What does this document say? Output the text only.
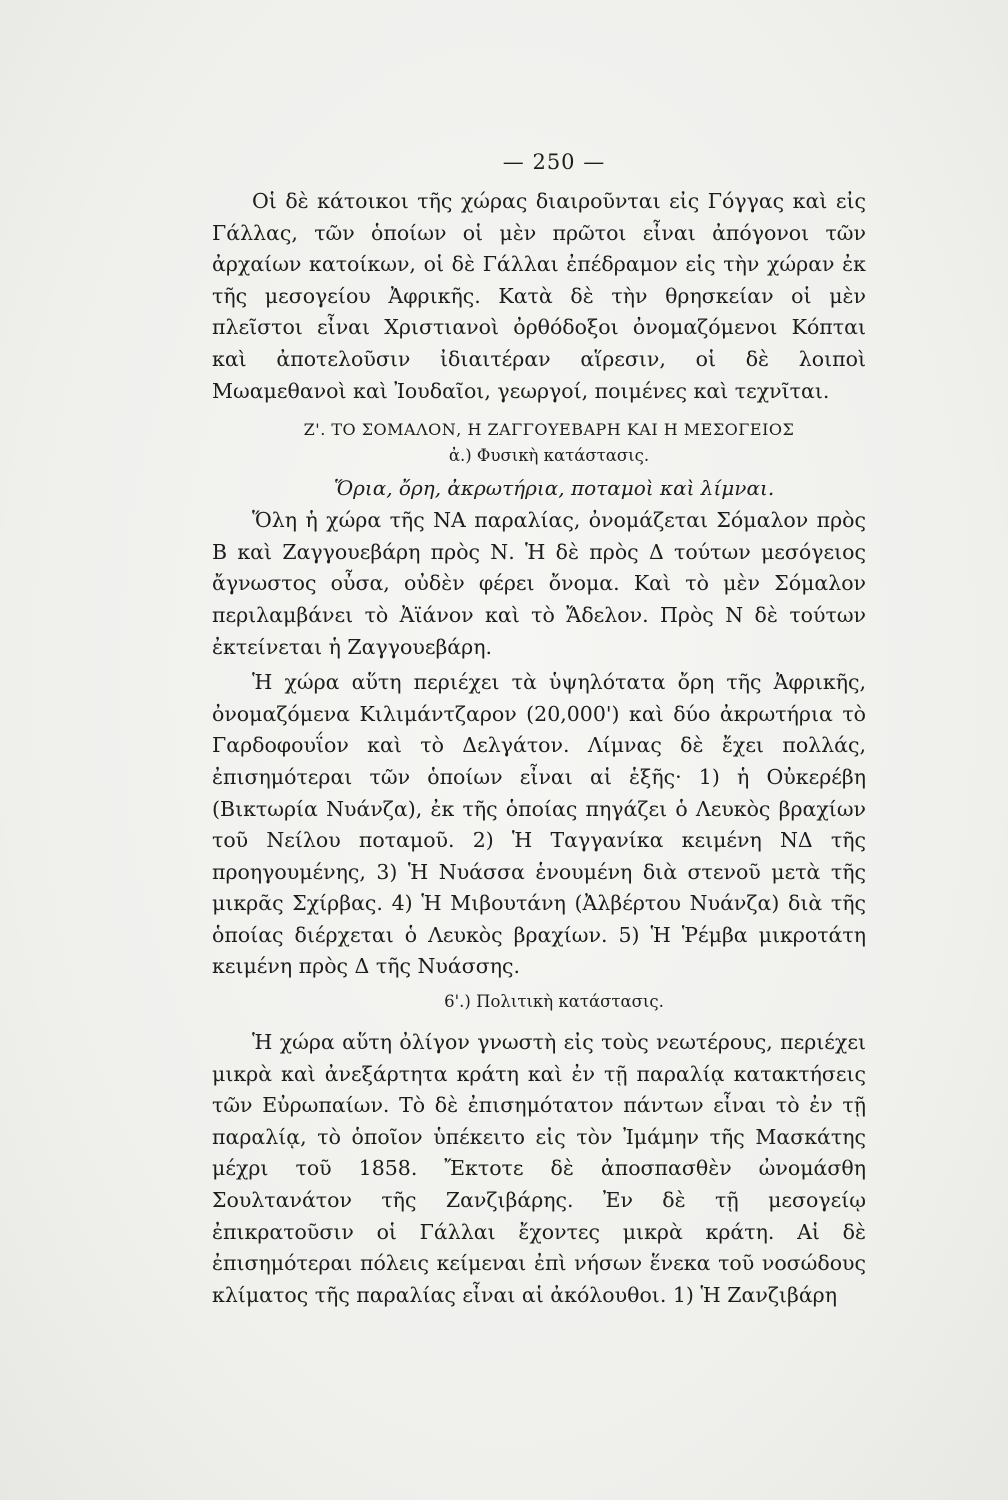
— 250 —

Οἱ δὲ κάτοικοι τῆς χώρας διαιροῦνται εἰς Γόγγας καὶ εἰς Γάλλας, τῶν ὁποίων οἱ μὲν πρῶτοι εἶναι ἀπόγονοι τῶν ἀρχαίων κατοίκων, οἱ δὲ Γάλλαι ἐπέδραμον εἰς τὴν χώραν ἐκ τῆς μεσογείου Ἀφρικῆς. Κατὰ δὲ τὴν θρησκείαν οἱ μὲν πλεῖστοι εἶναι Χριστιανοὶ ὀρθόδοξοι ὀνομαζόμενοι Κόπται καὶ ἀποτελοῦσιν ἰδιαιτέραν αἵρεσιν, οἱ δὲ λοιποὶ Μωαμεθανοὶ καὶ Ἰουδαῖοι, γεωργοί, ποιμένες καὶ τεχνῖται.

Ζ'. ΤΟ ΣΟΜΑΛΟΝ, Η ΖΑΓΓΟΥΕΒΑΡΗ ΚΑΙ Η ΜΕΣΟΓΕΙΟΣ
ἀ.) Φυσικὴ κατάστασις.
Ὅρια, ὄρη, ἀκρωτήρια, ποταμοὶ καὶ λίμναι.

Ὅλη ἡ χώρα τῆς ΝΑ παραλίας, ὀνομάζεται Σόμαλον πρὸς Β καὶ Ζαγγουεβάρη πρὸς Ν. Ἡ δὲ πρὸς Δ τούτων μεσόγειος ἄγνωστος οὖσα, οὐδὲν φέρει ὄνομα. Καὶ τὸ μὲν Σόμαλον περιλαμβάνει τὸ Ἀϊάνον καὶ τὸ Ἄδελον. Πρὸς Ν δὲ τούτων ἐκτείνεται ἡ Ζαγγουεβάρη.

Ἡ χώρα αὕτη περιέχει τὰ ὑψηλότατα ὄρη τῆς Ἀφρικῆς, ὀνομαζόμενα Κιλιμάντζαρον (20,000') καὶ δύο ἀκρωτήρια τὸ Γαρδοφουΐον καὶ τὸ Δελγάτον. Λίμνας δὲ ἔχει πολλάς, ἐπισημότεραι τῶν ὁποίων εἶναι αἱ ἑξῆς· 1) ἡ Οὐκερέβη (Βικτωρία Νυάνζα), ἐκ τῆς ὁποίας πηγάζει ὁ Λευκὸς βραχίων τοῦ Νείλου ποταμοῦ. 2) Ἡ Ταγγανίκα κειμένη ΝΔ τῆς προηγουμένης, 3) Ἡ Νυάσσα ἑνουμένη διὰ στενοῦ μετὰ τῆς μικρᾶς Σχίρβας. 4) Ἡ Μιβουτάνη (Ἀλβέρτου Νυάνζα) διὰ τῆς ὁποίας διέρχεται ὁ Λευκὸς βραχίων. 5) Ἡ Ῥέμβα μικροτάτη κειμένη πρὸς Δ τῆς Νυάσσης.

6'.) Πολιτικὴ κατάστασις.

Ἡ χώρα αὕτη ὀλίγον γνωστὴ εἰς τοὺς νεωτέρους, περιέχει μικρὰ καὶ ἀνεξάρτητα κράτη καὶ ἐν τῇ παραλίᾳ κατακτήσεις τῶν Εὐρωπαίων. Τὸ δὲ ἐπισημότατον πάντων εἶναι τὸ ἐν τῇ παραλίᾳ, τὸ ὁποῖον ὑπέκειτο εἰς τὸν Ἰμάμην τῆς Μασκάτης μέχρι τοῦ 1858. Ἔκτοτε δὲ ἀποσπασθὲν ὠνομάσθη Σουλτανάτον τῆς Ζανζιβάρης. Ἐν δὲ τῇ μεσογείῳ ἐπικρατοῦσιν οἱ Γάλλαι ἔχοντες μικρὰ κράτη. Αἱ δὲ ἐπισημότεραι πόλεις κείμεναι ἐπὶ νήσων ἕνεκα τοῦ νοσώδους κλίματος τῆς παραλίας εἶναι αἱ ἀκόλουθοι. 1) Ἡ Ζανζιβάρη
